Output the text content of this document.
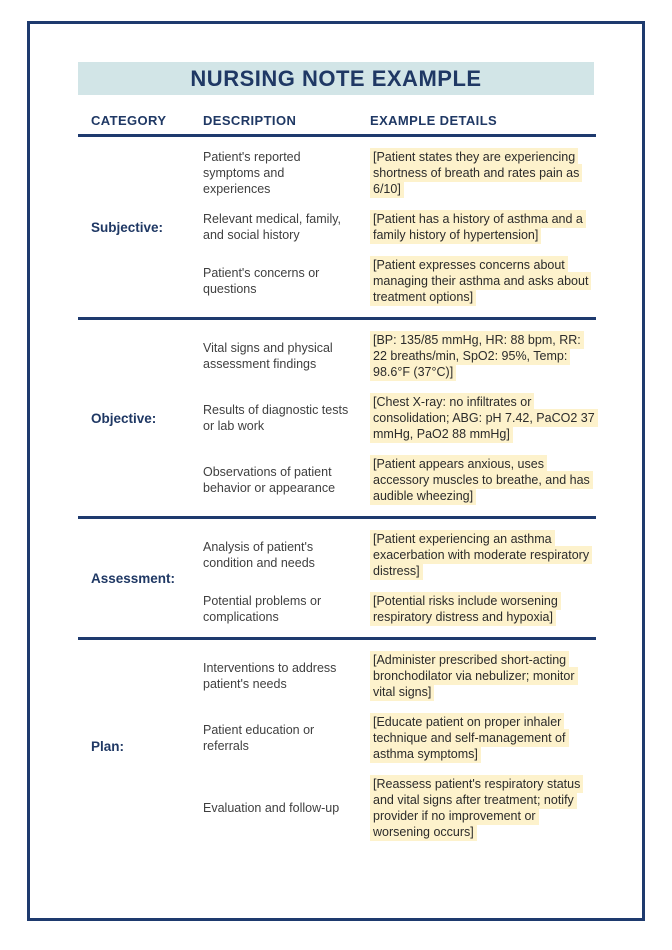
NURSING NOTE EXAMPLE
CATEGORY	DESCRIPTION	EXAMPLE DETAILS
Subjective:
Patient's reported symptoms and experiences
[Patient states they are experiencing shortness of breath and rates pain as 6/10]
Relevant medical, family, and social history
[Patient has a history of asthma and a family history of hypertension]
Patient's concerns or questions
[Patient expresses concerns about managing their asthma and asks about treatment options]
Objective:
Vital signs and physical assessment findings
[BP: 135/85 mmHg, HR: 88 bpm, RR: 22 breaths/min, SpO2: 95%, Temp: 98.6°F (37°C)]
Results of diagnostic tests or lab work
[Chest X-ray: no infiltrates or consolidation; ABG: pH 7.42, PaCO2 37 mmHg, PaO2 88 mmHg]
Observations of patient behavior or appearance
[Patient appears anxious, uses accessory muscles to breathe, and has audible wheezing]
Assessment:
Analysis of patient's condition and needs
[Patient experiencing an asthma exacerbation with moderate respiratory distress]
Potential problems or complications
[Potential risks include worsening respiratory distress and hypoxia]
Plan:
Interventions to address patient's needs
[Administer prescribed short-acting bronchodilator via nebulizer; monitor vital signs]
Patient education or referrals
[Educate patient on proper inhaler technique and self-management of asthma symptoms]
Evaluation and follow-up
[Reassess patient's respiratory status and vital signs after treatment; notify provider if no improvement or worsening occurs]
